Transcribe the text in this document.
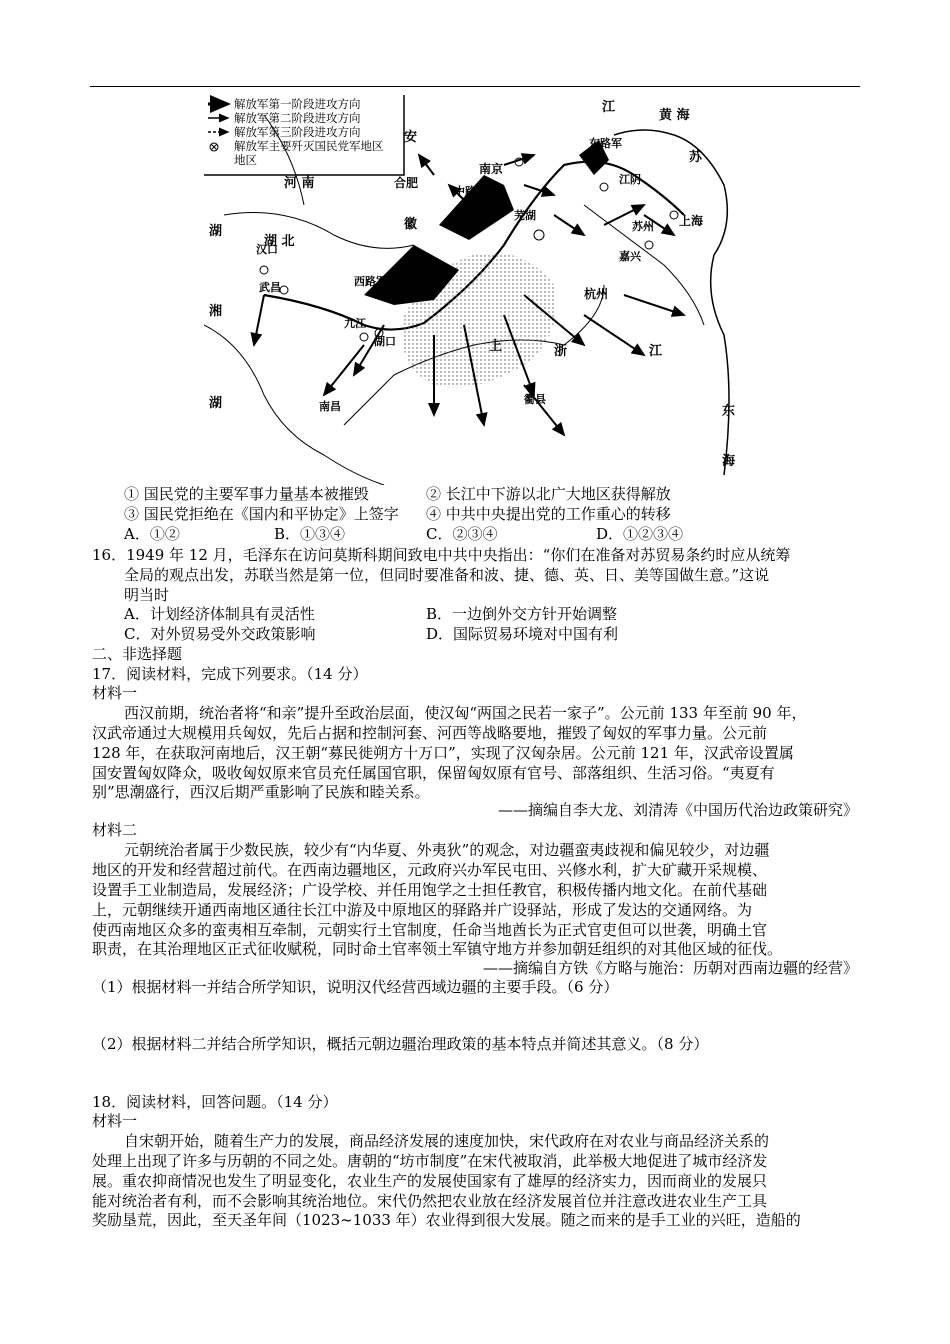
解放军第一阶段进攻方向
解放军第二阶段进攻方向
解放军第三阶段进攻方向
解放军主要歼灭国民党军地区
地区
黄 海
江
苏
安
合肥
南京
江阴
上海
苏州
嘉兴
芜湖
杭州
河 南
湖 北
汉口
武昌
九江
湖口
南昌
湖
湖
湘
徽
浙	江
上
东
海
衢县
东路军
中路军
西路军
① 国民党的主要军事力量基本被摧毁	② 长江中下游以北广大地区获得解放
③ 国民党拒绝在《国内和平协定》上签字 ④ 中共中央提出党的工作重心的转移
A．①②	B．①③④	C．②③④	D．①②③④
16．1949 年 12 月，毛泽东在访问莫斯科期间致电中共中央指出：“你们在准备对苏贸易条约时应从统筹
全局的观点出发，苏联当然是第一位，但同时要准备和波、捷、德、英、日、美等国做生意。”这说
明当时
A．计划经济体制具有灵活性	B．一边倒外交方针开始调整
C．对外贸易受外交政策影响	D．国际贸易环境对中国有利
二、非选择题
17．阅读材料，完成下列要求。（14 分）
材料一
西汉前期，统治者将“和亲”提升至政治层面，使汉匈“两国之民若一家子”。公元前 133 年至前 90 年，
汉武帝通过大规模用兵匈奴，先后占据和控制河套、河西等战略要地，摧毁了匈奴的军事力量。公元前
128 年，在获取河南地后，汉王朝“募民徙朔方十万口”，实现了汉匈杂居。公元前 121 年，汉武帝设置属
国安置匈奴降众，吸收匈奴原来官员充任属国官职，保留匈奴原有官号、部落组织、生活习俗。“夷夏有
别”思潮盛行，西汉后期严重影响了民族和睦关系。
——摘编自李大龙、刘清涛《中国历代治边政策研究》
材料二
元朝统治者属于少数民族，较少有“内华夏、外夷狄”的观念，对边疆蛮夷歧视和偏见较少，对边疆
地区的开发和经营超过前代。在西南边疆地区，元政府兴办军民屯田、兴修水利，扩大矿藏开采规模、
设置手工业制造局，发展经济；广设学校、并任用饱学之士担任教官，积极传播内地文化。在前代基础
上，元朝继续开通西南地区通往长江中游及中原地区的驿路并广设驿站，形成了发达的交通网络。为
使西南地区众多的蛮夷相互牵制，元朝实行土官制度，任命当地酋长为正式官吏但可以世袭，明确土官
职责，在其治理地区正式征收赋税，同时命土官率领土军镇守地方并参加朝廷组织的对其他区域的征伐。
——摘编自方铁《方略与施治：历朝对西南边疆的经营》
（1）根据材料一并结合所学知识，说明汉代经营西域边疆的主要手段。（6 分）
（2）根据材料二并结合所学知识，概括元朝边疆治理政策的基本特点并简述其意义。（8 分）
18．阅读材料，回答问题。（14 分）
材料一
自宋朝开始，随着生产力的发展，商品经济发展的速度加快，宋代政府在对农业与商品经济关系的
处理上出现了许多与历朝的不同之处。唐朝的“坊市制度”在宋代被取消，此举极大地促进了城市经济发
展。重农抑商情况也发生了明显变化，农业生产的发展使国家有了雄厚的经济实力，因而商业的发展只
能对统治者有利，而不会影响其统治地位。宋代仍然把农业放在经济发展首位并注意改进农业生产工具
奖励垦荒，因此，至天圣年间（1023~1033 年）农业得到很大发展。随之而来的是手工业的兴旺，造船的
